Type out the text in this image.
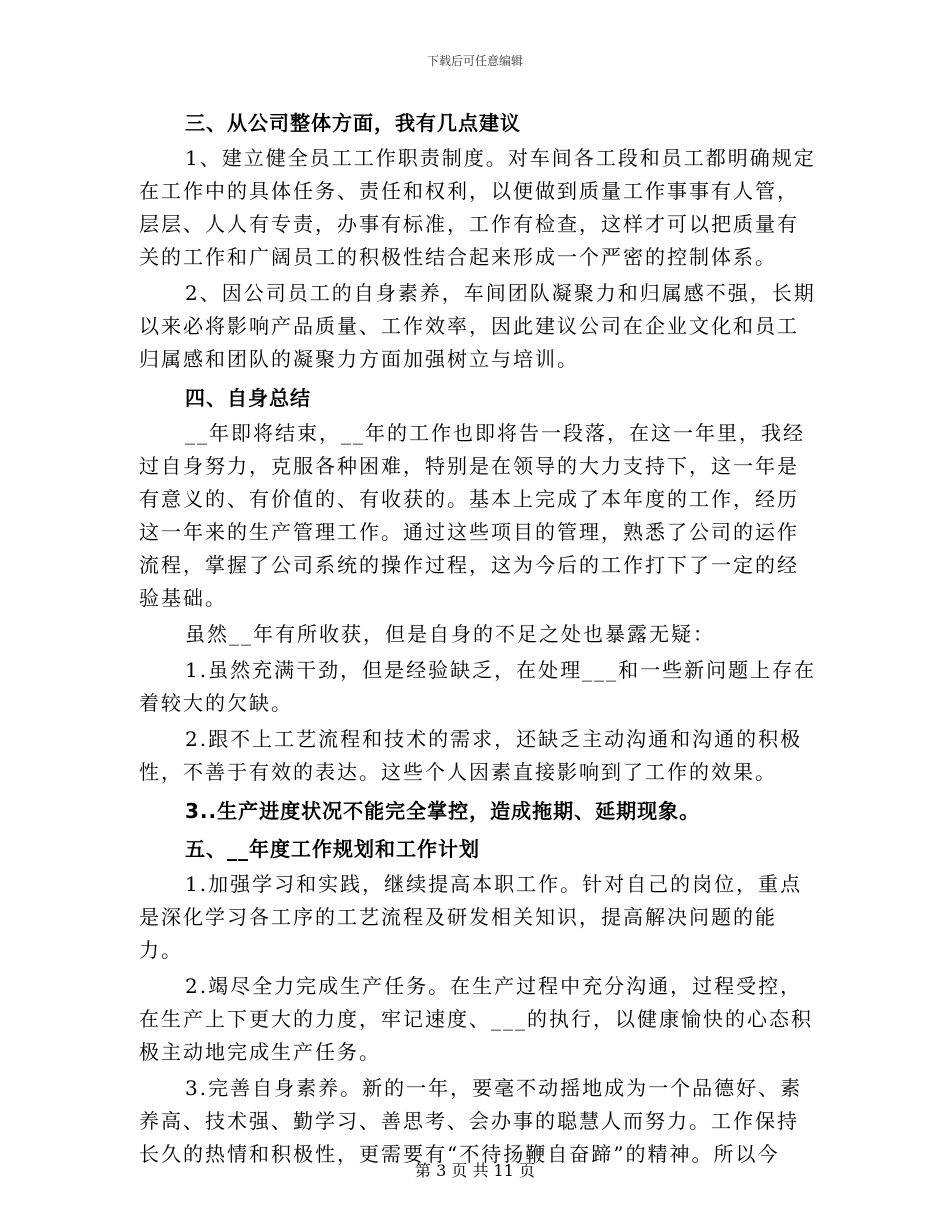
下载后可任意编辑
三、从公司整体方面，我有几点建议

1、建立健全员工工作职责制度。对车间各工段和员工都明确规定在工作中的具体任务、责任和权利，以便做到质量工作事事有人管，层层、人人有专责，办事有标准，工作有检查，这样才可以把质量有关的工作和广阔员工的积极性结合起来形成一个严密的控制体系。

2、因公司员工的自身素养，车间团队凝聚力和归属感不强，长期以来必将影响产品质量、工作效率，因此建议公司在企业文化和员工归属感和团队的凝聚力方面加强树立与培训。

四、自身总结

__年即将结束，__年的工作也即将告一段落，在这一年里，我经过自身努力，克服各种困难，特别是在领导的大力支持下，这一年是有意义的、有价值的、有收获的。基本上完成了本年度的工作，经历这一年来的生产管理工作。通过这些项目的管理，熟悉了公司的运作流程，掌握了公司系统的操作过程，这为今后的工作打下了一定的经验基础。

虽然__年有所收获，但是自身的不足之处也暴露无疑：

1.虽然充满干劲，但是经验缺乏，在处理___和一些新问题上存在着较大的欠缺。

2.跟不上工艺流程和技术的需求，还缺乏主动沟通和沟通的积极性，不善于有效的表达。这些个人因素直接影响到了工作的效果。

3..生产进度状况不能完全掌控，造成拖期、延期现象。
五、__年度工作规划和工作计划

1.加强学习和实践，继续提高本职工作。针对自己的岗位，重点是深化学习各工序的工艺流程及研发相关知识，提高解决问题的能力。

2.竭尽全力完成生产任务。在生产过程中充分沟通，过程受控，在生产上下更大的力度，牢记速度、___的执行，以健康愉快的心态积极主动地完成生产任务。

3.完善自身素养。新的一年，要毫不动摇地成为一个品德好、素养高、技术强、勤学习、善思考、会办事的聪慧人而努力。工作保持长久的热情和积极性，更需要有“不待扬鞭自奋蹄”的精神。所以今

第 3 页 共 11 页
